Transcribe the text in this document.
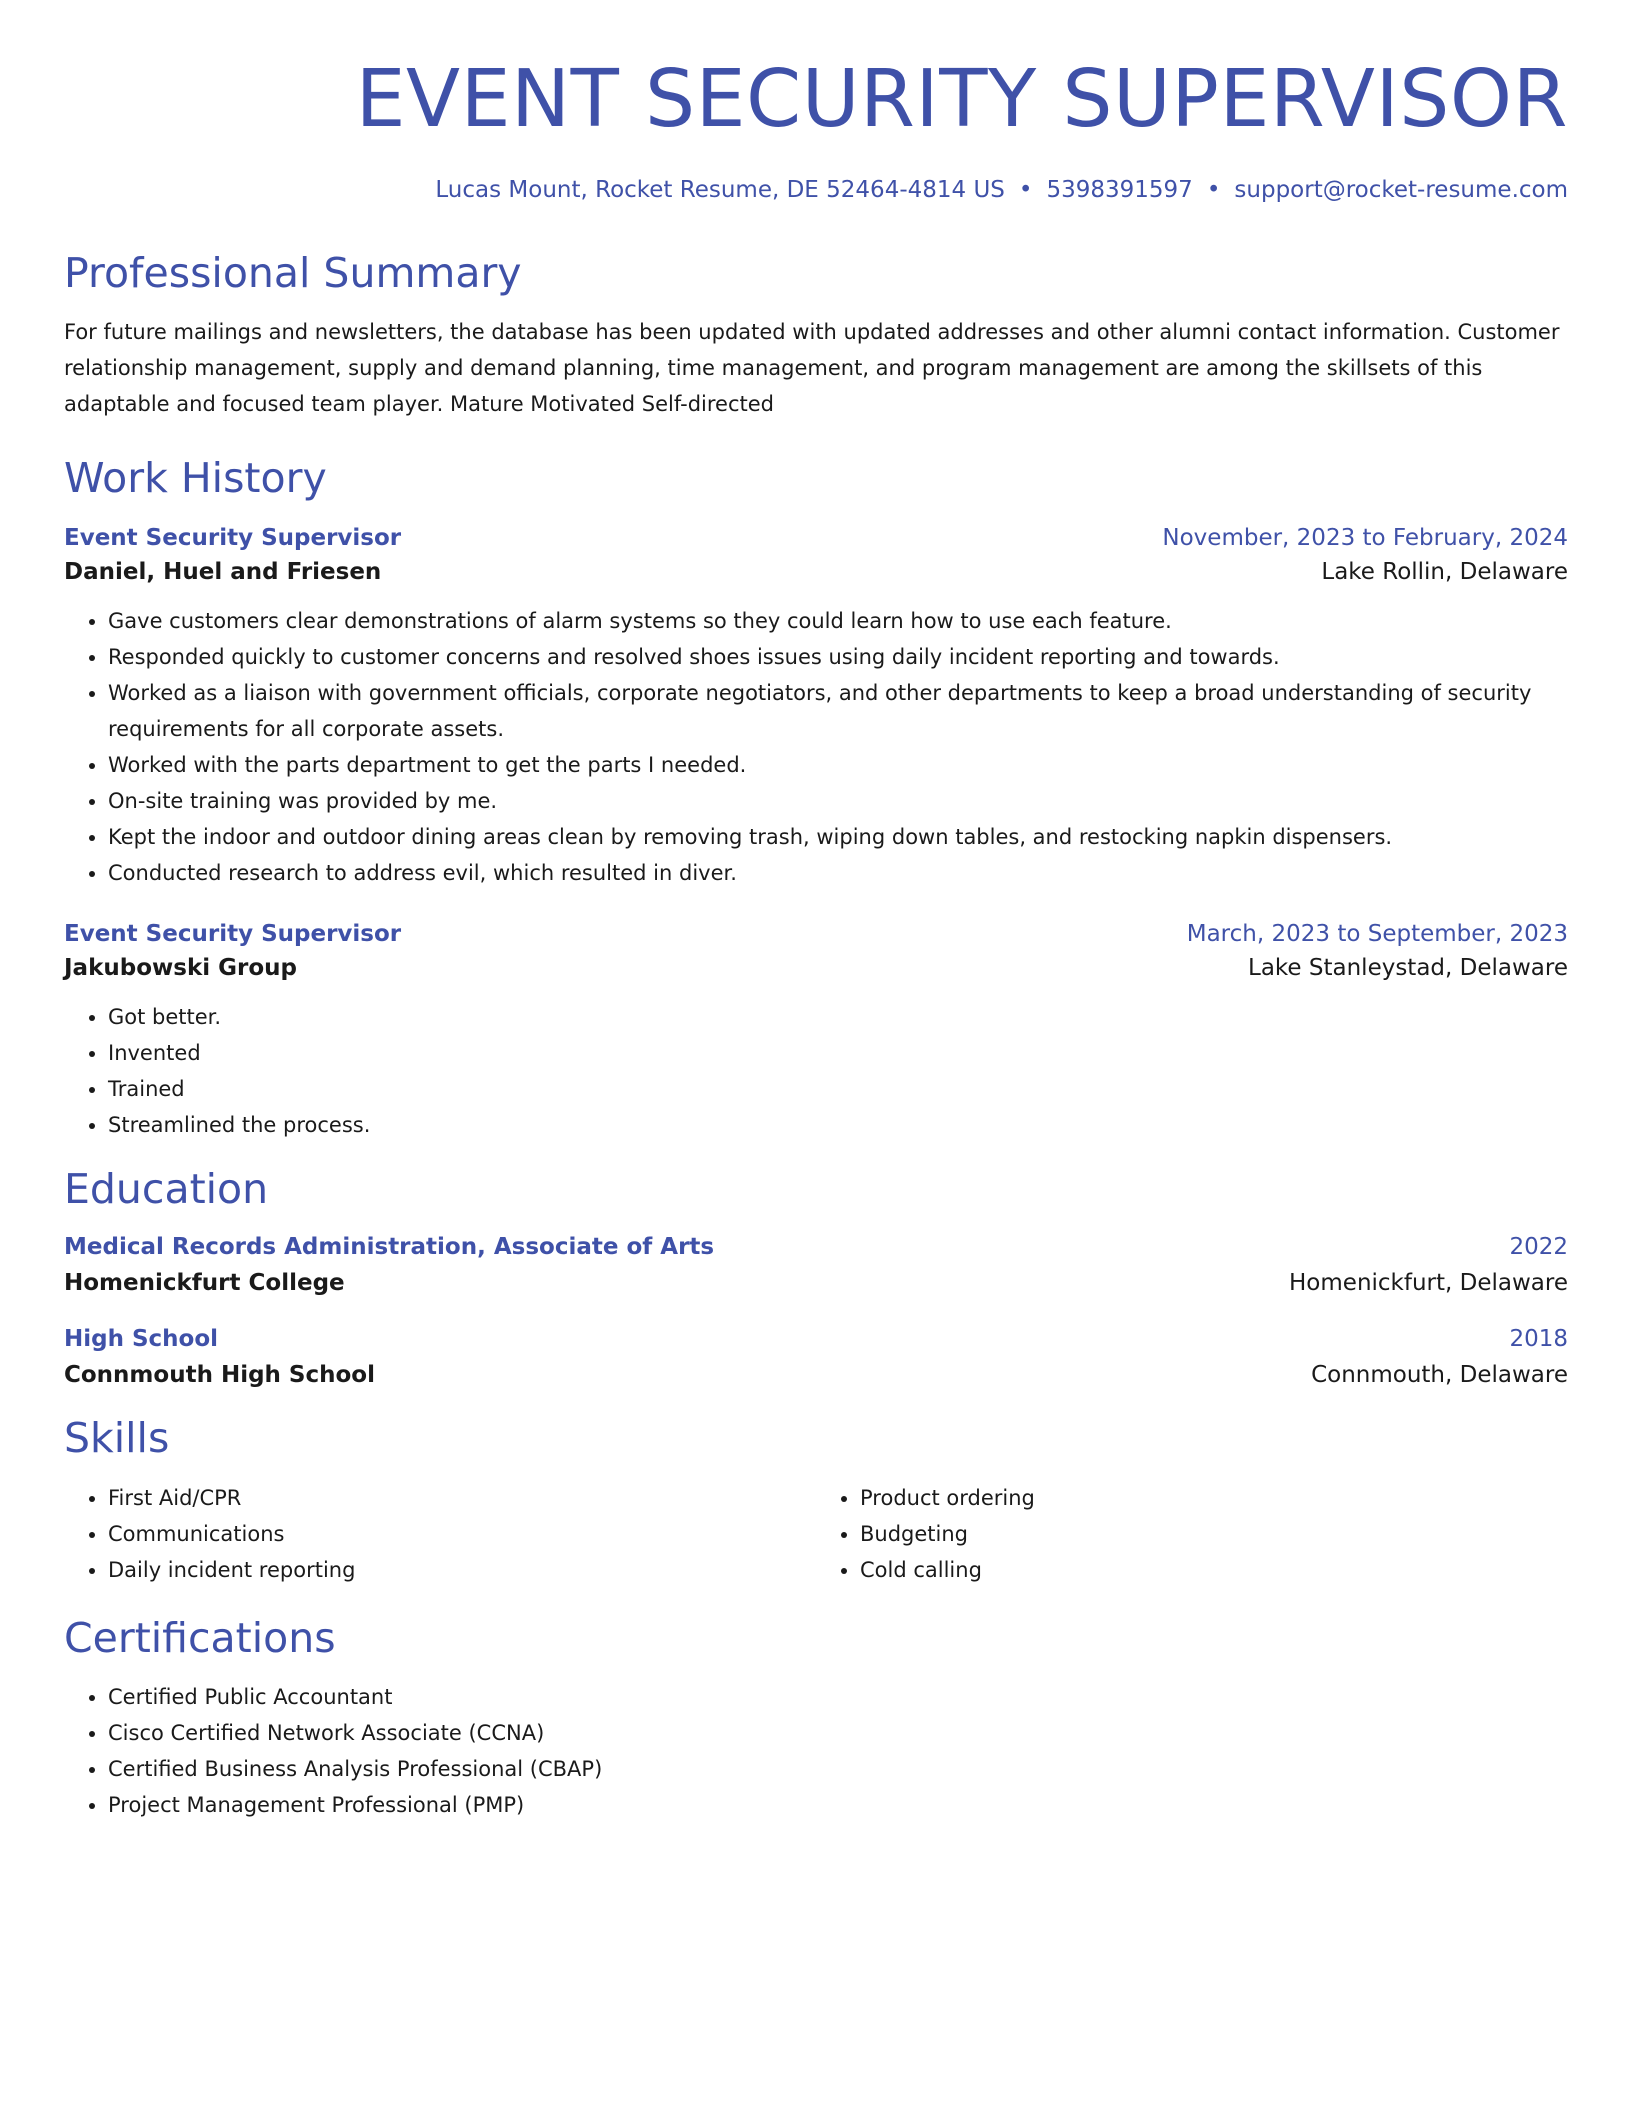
EVENT SECURITY SUPERVISOR
Lucas Mount, Rocket Resume, DE 52464-4814 US • 5398391597 • support@rocket-resume.com
Professional Summary
For future mailings and newsletters, the database has been updated with updated addresses and other alumni contact information. Customer relationship management, supply and demand planning, time management, and program management are among the skillsets of this adaptable and focused team player. Mature Motivated Self-directed
Work History
Event Security Supervisor	November, 2023 to February, 2024
Daniel, Huel and Friesen	Lake Rollin, Delaware
• Gave customers clear demonstrations of alarm systems so they could learn how to use each feature.
• Responded quickly to customer concerns and resolved shoes issues using daily incident reporting and towards.
• Worked as a liaison with government officials, corporate negotiators, and other departments to keep a broad understanding of security requirements for all corporate assets.
• Worked with the parts department to get the parts I needed.
• On-site training was provided by me.
• Kept the indoor and outdoor dining areas clean by removing trash, wiping down tables, and restocking napkin dispensers.
• Conducted research to address evil, which resulted in diver.
Event Security Supervisor	March, 2023 to September, 2023
Jakubowski Group	Lake Stanleystad, Delaware
• Got better.
• Invented
• Trained
• Streamlined the process.
Education
Medical Records Administration, Associate of Arts	2022
Homenickfurt College	Homenickfurt, Delaware
High School	2018
Connmouth High School	Connmouth, Delaware
Skills
• First Aid/CPR
• Communications
• Daily incident reporting
• Product ordering
• Budgeting
• Cold calling
Certifications
• Certified Public Accountant
• Cisco Certified Network Associate (CCNA)
• Certified Business Analysis Professional (CBAP)
• Project Management Professional (PMP)
